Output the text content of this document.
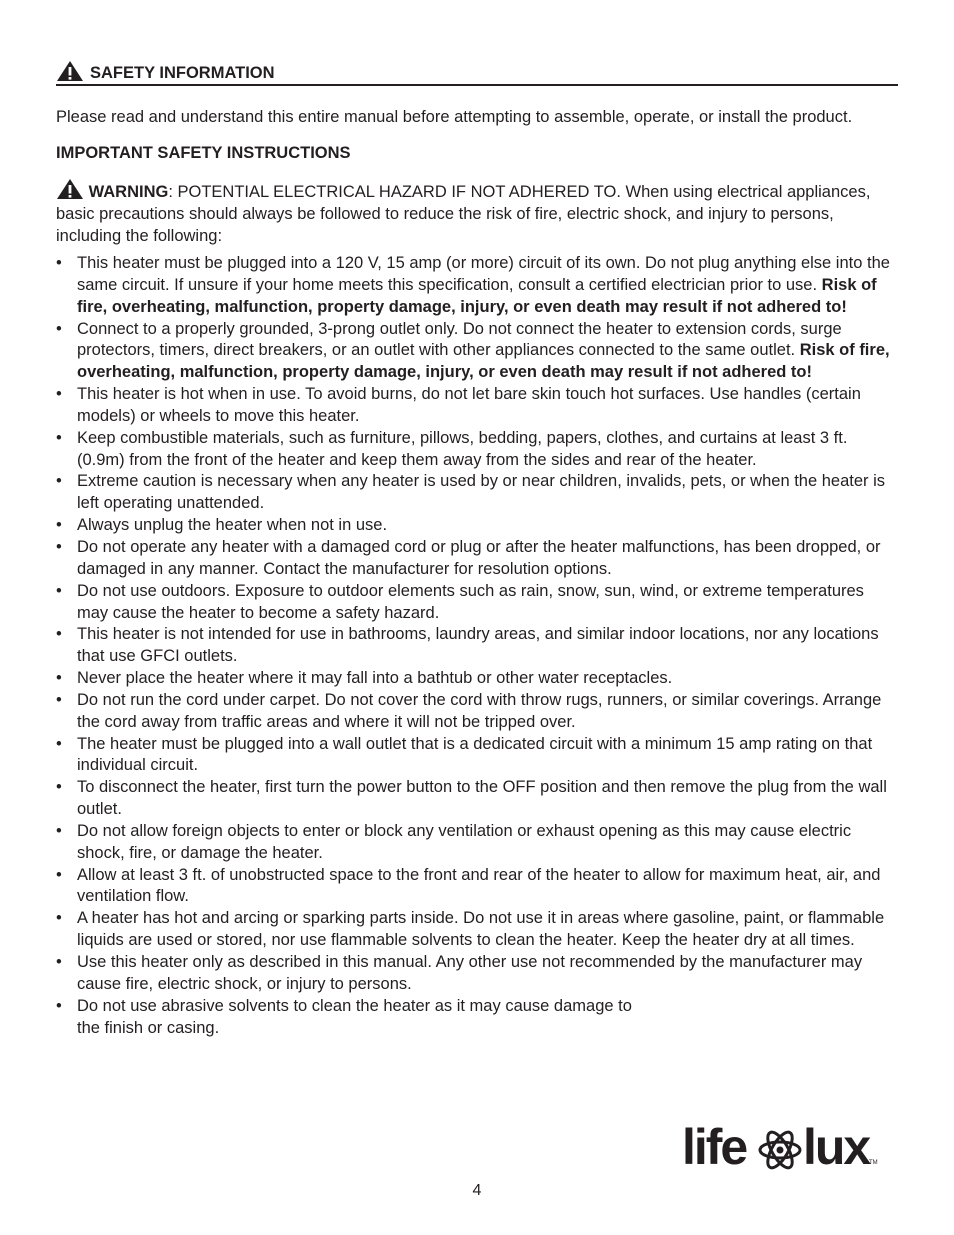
SAFETY INFORMATION
Please read and understand this entire manual before attempting to assemble, operate, or install the product.
IMPORTANT SAFETY INSTRUCTIONS
WARNING: POTENTIAL ELECTRICAL HAZARD IF NOT ADHERED TO. When using electrical appliances, basic precautions should always be followed to reduce the risk of fire, electric shock, and injury to persons, including the following:
• This heater must be plugged into a 120 V, 15 amp (or more) circuit of its own. Do not plug anything else into the same circuit. If unsure if your home meets this specification, consult a certified electrician prior to use. Risk of fire, overheating, malfunction, property damage, injury, or even death may result if not adhered to!
• Connect to a properly grounded, 3-prong outlet only. Do not connect the heater to extension cords, surge protectors, timers, direct breakers, or an outlet with other appliances connected to the same outlet. Risk of fire, overheating, malfunction, property damage, injury, or even death may result if not adhered to!
• This heater is hot when in use. To avoid burns, do not let bare skin touch hot surfaces. Use handles (certain models) or wheels to move this heater.
• Keep combustible materials, such as furniture, pillows, bedding, papers, clothes, and curtains at least 3 ft. (0.9m) from the front of the heater and keep them away from the sides and rear of the heater.
• Extreme caution is necessary when any heater is used by or near children, invalids, pets, or when the heater is left operating unattended.
• Always unplug the heater when not in use.
• Do not operate any heater with a damaged cord or plug or after the heater malfunctions, has been dropped, or damaged in any manner. Contact the manufacturer for resolution options.
• Do not use outdoors. Exposure to outdoor elements such as rain, snow, sun, wind, or extreme temperatures may cause the heater to become a safety hazard.
• This heater is not intended for use in bathrooms, laundry areas, and similar indoor locations, nor any locations that use GFCI outlets.
• Never place the heater where it may fall into a bathtub or other water receptacles.
• Do not run the cord under carpet. Do not cover the cord with throw rugs, runners, or similar coverings. Arrange the cord away from traffic areas and where it will not be tripped over.
• The heater must be plugged into a wall outlet that is a dedicated circuit with a minimum 15 amp rating on that individual circuit.
• To disconnect the heater, first turn the power button to the OFF position and then remove the plug from the wall outlet.
• Do not allow foreign objects to enter or block any ventilation or exhaust opening as this may cause electric shock, fire, or damage the heater.
• Allow at least 3 ft. of unobstructed space to the front and rear of the heater to allow for maximum heat, air, and ventilation flow.
• A heater has hot and arcing or sparking parts inside. Do not use it in areas where gasoline, paint, or flammable liquids are used or stored, nor use flammable solvents to clean the heater. Keep the heater dry at all times.
• Use this heater only as described in this manual. Any other use not recommended by the manufacturer may cause fire, electric shock, or injury to persons.
• Do not use abrasive solvents to clean the heater as it may cause damage to the finish or casing.
life lux TM
4
